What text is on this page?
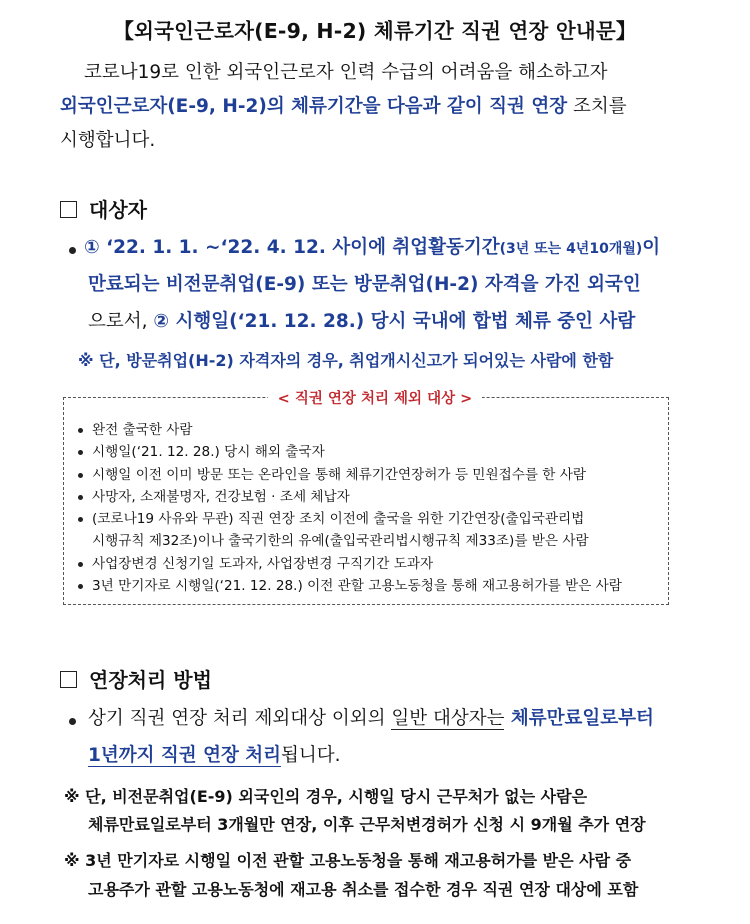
【외국인근로자(E-9, H-2) 체류기간 직권 연장 안내문】
코로나19로 인한 외국인근로자 인력 수급의 어려움을 해소하고자
외국인근로자(E-9, H-2)의 체류기간을 다음과 같이 직권 연장 조치를
시행합니다.
대상자
① ‘22. 1. 1. ~‘22. 4. 12. 사이에 취업활동기간(3년 또는 4년10개월)이
만료되는 비전문취업(E-9) 또는 방문취업(H-2) 자격을 가진 외국인
으로서, ② 시행일(‘21. 12. 28.) 당시 국내에 합법 체류 중인 사람
※ 단, 방문취업(H-2) 자격자의 경우, 취업개시신고가 되어있는 사람에 한함
< 직권 연장 처리 제외 대상 >
완전 출국한 사람
시행일(‘21. 12. 28.) 당시 해외 출국자
시행일 이전 이미 방문 또는 온라인을 통해 체류기간연장허가 등 민원접수를 한 사람
사망자, 소재불명자, 건강보험 · 조세 체납자
(코로나19 사유와 무관) 직권 연장 조치 이전에 출국을 위한 기간연장(출입국관리법
시행규칙 제32조)이나 출국기한의 유예(출입국관리법시행규칙 제33조)를 받은 사람
사업장변경 신청기일 도과자, 사업장변경 구직기간 도과자
3년 만기자로 시행일(‘21. 12. 28.) 이전 관할 고용노동청을 통해 재고용허가를 받은 사람
연장처리 방법
상기 직권 연장 처리 제외대상 이외의 일반 대상자는 체류만료일로부터
1년까지 직권 연장 처리됩니다.
※ 단, 비전문취업(E-9) 외국인의 경우, 시행일 당시 근무처가 없는 사람은
체류만료일로부터 3개월만 연장, 이후 근무처변경허가 신청 시 9개월 추가 연장
※ 3년 만기자로 시행일 이전 관할 고용노동청을 통해 재고용허가를 받은 사람 중
고용주가 관할 고용노동청에 재고용 취소를 접수한 경우 직권 연장 대상에 포함
